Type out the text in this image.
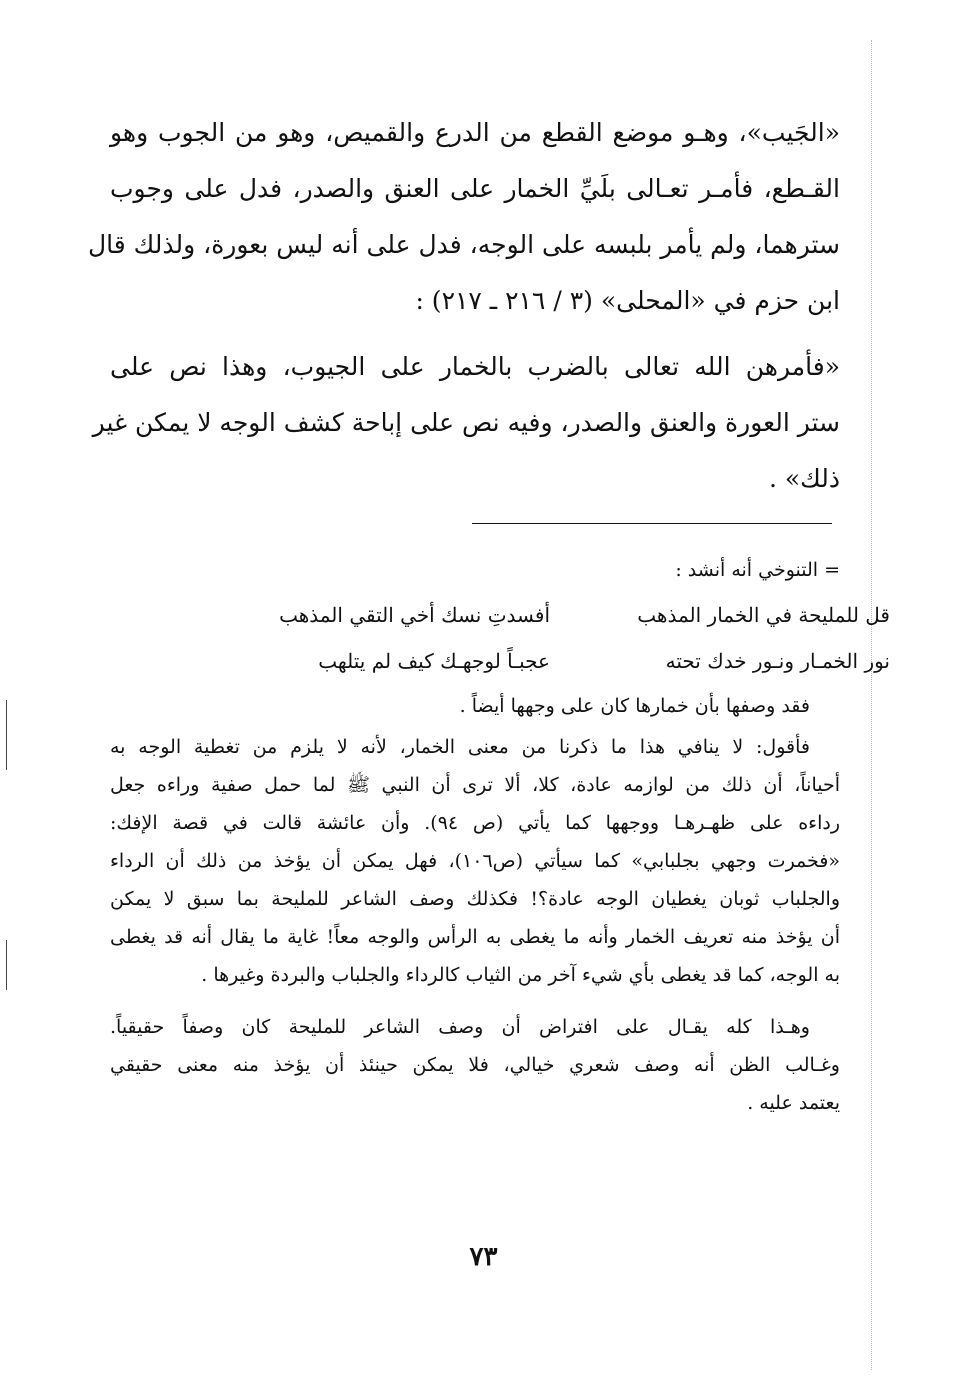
«الجَيب»، وهـو موضع القطع من الدرع والقميص، وهو من الجوب وهو
القـطع، فأمـر تعـالى بلَيِّ الخمار على العنق والصدر، فدل على وجوب
سترهما، ولم يأمر بلبسه على الوجه، فدل على أنه ليس بعورة، ولذلك قال
ابن حزم في «المحلى» (٣ / ٢١٦ ـ ٢١٧) :
«فأمرهن الله تعالى بالضرب بالخمار على الجيوب، وهذا نص على
ستر العورة والعنق والصدر، وفيه نص على إباحة كشف الوجه لا يمكن غير
ذلك» .
= التنوخي أنه أنشد :
قل للمليحة في الخمار المذهب
أفسدتِ نسك أخي التقي المذهب
نور الخمـار ونـور خدك تحته
عجبـاً لوجهـك كيف لم يتلهب
فقد وصفها بأن خمارها كان على وجهها أيضاً .
فأقول: لا ينافي هذا ما ذكرنا من معنى الخمار، لأنه لا يلزم من تغطية الوجه به
أحياناً، أن ذلك من لوازمه عادة، كلا، ألا ترى أن النبي ﷺ لما حمل صفية وراءه جعل
رداءه على ظهـرهـا ووجهها كما يأتي (ص ٩٤). وأن عائشة قالت في قصة الإفك:
«فخمرت وجهي بجلبابي» كما سيأتي (ص١٠٦)، فهل يمكن أن يؤخذ من ذلك أن الرداء
والجلباب ثوبان يغطيان الوجه عادة؟! فكذلك وصف الشاعر للمليحة بما سبق لا يمكن
أن يؤخذ منه تعريف الخمار وأنه ما يغطى به الرأس والوجه معاً! غاية ما يقال أنه قد يغطى
به الوجه، كما قد يغطى بأي شيء آخر من الثياب كالرداء والجلباب والبردة وغيرها .
وهـذا كله يقـال على افتراض أن وصف الشاعر للمليحة كان وصفاً حقيقياً.
وغـالب الظن أنه وصف شعري خيالي، فلا يمكن حينئذ أن يؤخذ منه معنى حقيقي
يعتمد عليه .
٧٣
